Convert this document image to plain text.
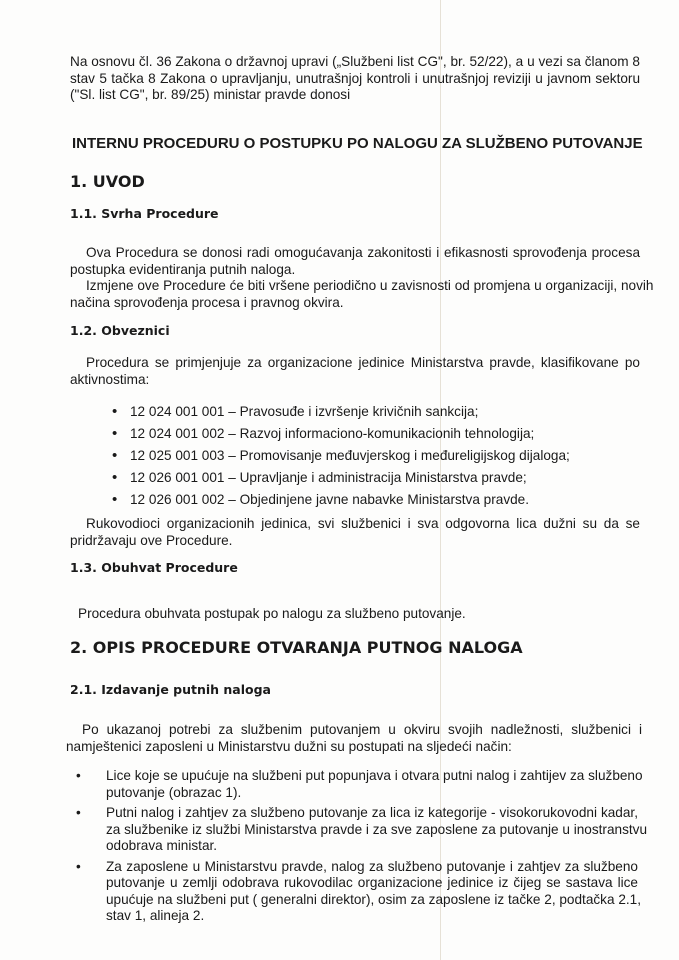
Na osnovu čl. 36 Zakona o državnoj upravi („Službeni list CG", br. 52/22), a u vezi sa članom 8
stav 5 tačka 8 Zakona o upravljanju, unutrašnjoj kontroli i unutrašnjoj reviziji u javnom sektoru
("Sl. list CG", br. 89/25) ministar pravde donosi
INTERNU PROCEDURU O POSTUPKU PO NALOGU ZA SLUŽBENO PUTOVANJE
1. UVOD
1.1. Svrha Procedure
Ova Procedura se donosi radi omogućavanja zakonitosti i efikasnosti sprovođenja procesa
postupka evidentiranja putnih naloga.
Izmjene ove Procedure će biti vršene periodično u zavisnosti od promjena u organizaciji, novih
načina sprovođenja procesa i pravnog okvira.
1.2. Obveznici
Procedura se primjenjuje za organizacione jedinice Ministarstva pravde, klasifikovane po
aktivnostima:
• 12 024 001 001 – Pravosuđe i izvršenje krivičnih sankcija;
• 12 024 001 002 – Razvoj informaciono-komunikacionih tehnologija;
• 12 025 001 003 – Promovisanje međuvjerskog i međureligijskog dijaloga;
• 12 026 001 001 – Upravljanje i administracija Ministarstva pravde;
• 12 026 001 002 – Objedinjene javne nabavke Ministarstva pravde.
Rukovodioci organizacionih jedinica, svi službenici i sva odgovorna lica dužni su da se
pridržavaju ove Procedure.
1.3. Obuhvat Procedure
Procedura obuhvata postupak po nalogu za službeno putovanje.
2. OPIS PROCEDURE OTVARANJA PUTNOG NALOGA
2.1. Izdavanje putnih naloga
Po ukazanoj potrebi za službenim putovanjem u okviru svojih nadležnosti, službenici i
namještenici zaposleni u Ministarstvu dužni su postupati na sljedeći način:
•	Lice koje se upućuje na službeni put popunjava i otvara putni nalog i zahtijev za službeno
putovanje (obrazac 1).
•	Putni nalog i zahtjev za službeno putovanje za lica iz kategorije - visokorukovodni kadar,
za službenike iz službi Ministarstva pravde i za sve zaposlene za putovanje u inostranstvu
odobrava ministar.
•	Za zaposlene u Ministarstvu pravde, nalog za službeno putovanje i zahtjev za službeno
putovanje u zemlji odobrava rukovodilac organizacione jedinice iz čijeg se sastava lice
upućuje na službeni put ( generalni direktor), osim za zaposlene iz tačke 2, podtačka 2.1,
stav 1, alineja 2.
